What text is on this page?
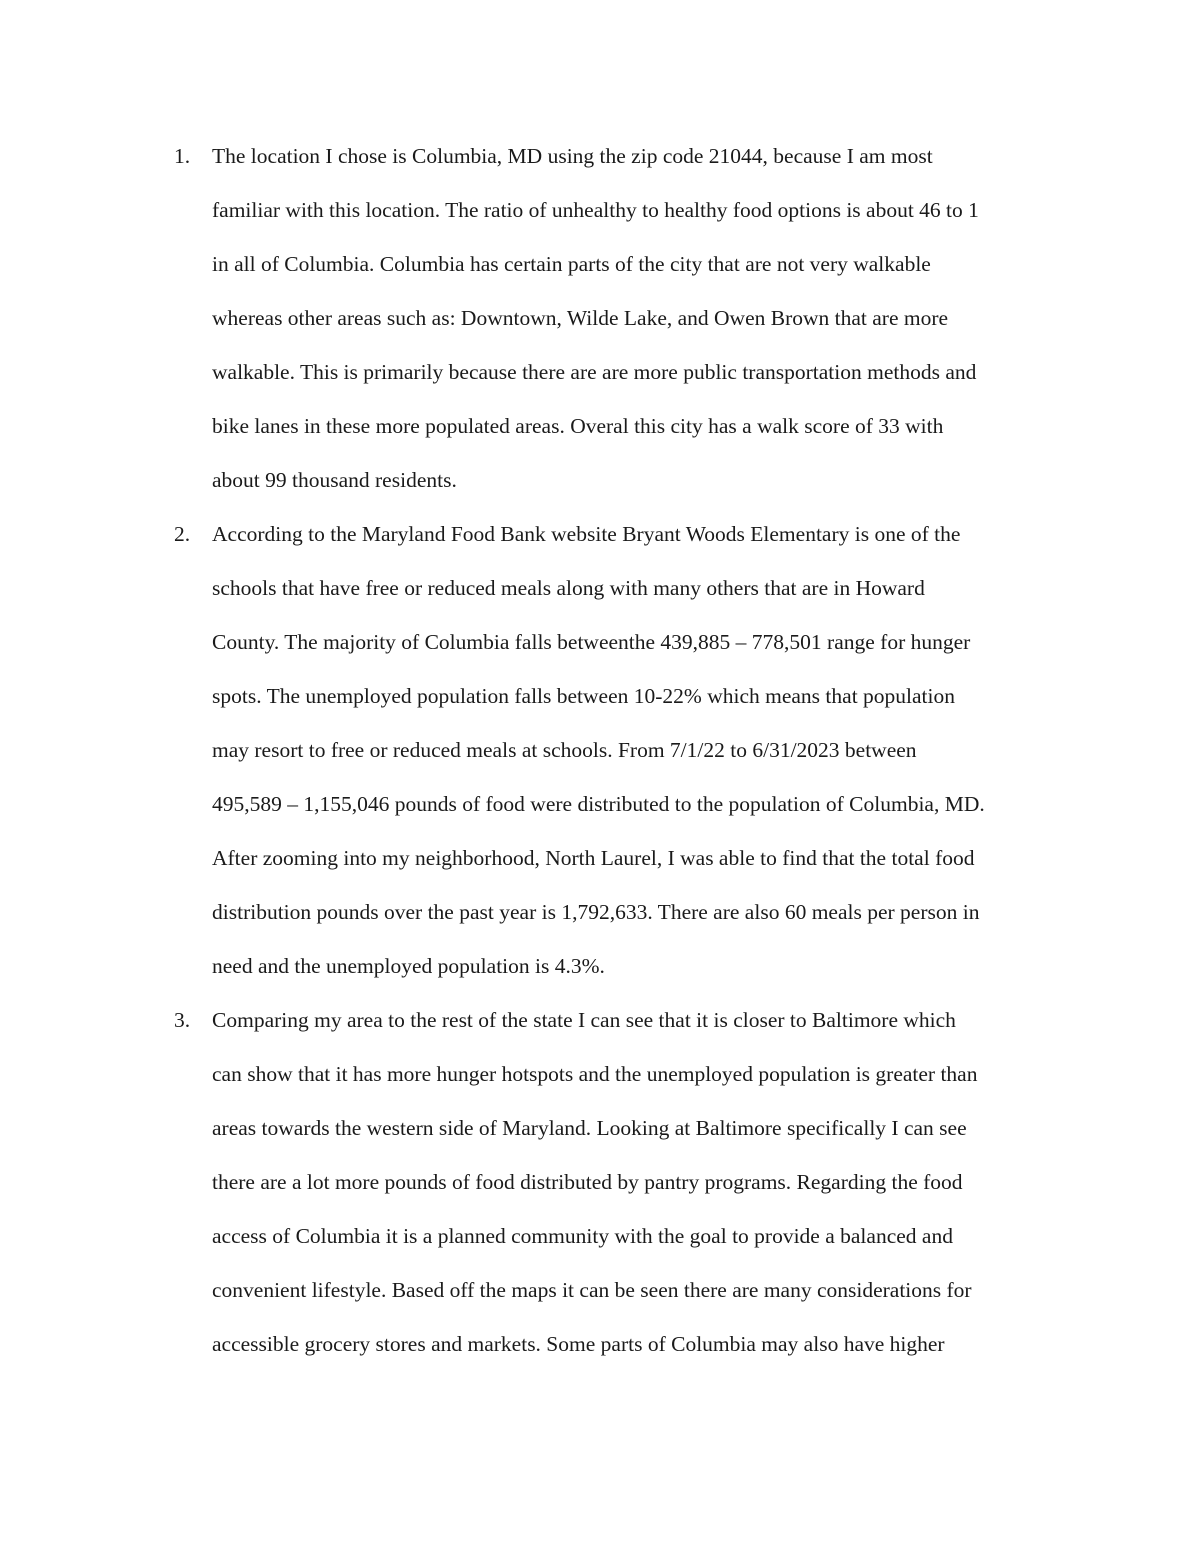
1.	The location I chose is Columbia, MD using the zip code 21044, because I am most
familiar with this location. The ratio of unhealthy to healthy food options is about 46 to 1
in all of Columbia. Columbia has certain parts of the city that are not very walkable
whereas other areas such as: Downtown, Wilde Lake, and Owen Brown that are more
walkable. This is primarily because there are are more public transportation methods and
bike lanes in these more populated areas. Overal this city has a walk score of 33 with
about 99 thousand residents.
2.	According to the Maryland Food Bank website Bryant Woods Elementary is one of the
schools that have free or reduced meals along with many others that are in Howard
County. The majority of Columbia falls betweenthe 439,885 – 778,501 range for hunger
spots. The unemployed population falls between 10-22% which means that population
may resort to free or reduced meals at schools. From 7/1/22 to 6/31/2023 between
495,589 – 1,155,046 pounds of food were distributed to the population of Columbia, MD.
After zooming into my neighborhood, North Laurel, I was able to find that the total food
distribution pounds over the past year is 1,792,633. There are also 60 meals per person in
need and the unemployed population is 4.3%.
3.	Comparing my area to the rest of the state I can see that it is closer to Baltimore which
can show that it has more hunger hotspots and the unemployed population is greater than
areas towards the western side of Maryland. Looking at Baltimore specifically I can see
there are a lot more pounds of food distributed by pantry programs. Regarding the food
access of Columbia it is a planned community with the goal to provide a balanced and
convenient lifestyle. Based off the maps it can be seen there are many considerations for
accessible grocery stores and markets. Some parts of Columbia may also have higher
